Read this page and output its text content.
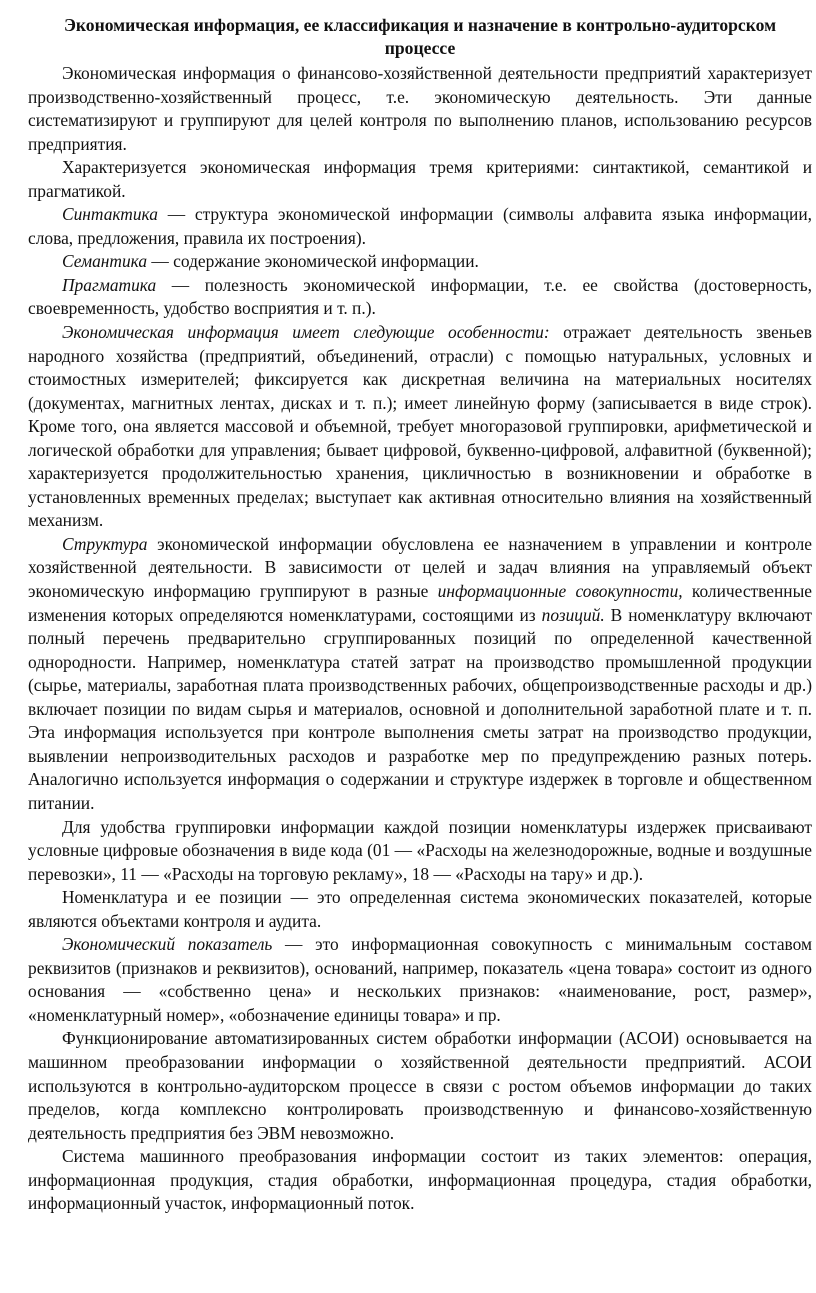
Экономическая информация, ее классификация и назначение в контрольно-аудиторском процессе

Экономическая информация о финансово-хозяйственной деятельности предприятий характеризует производственно-хозяйственный процесс, т.е. экономическую деятельность. Эти данные систематизируют и группируют для целей контроля по выполнению планов, использованию ресурсов предприятия.

Характеризуется экономическая информация тремя критериями: синтактикой, семантикой и прагматикой.

Синтактика — структура экономической информации (символы алфавита языка информации, слова, предложения, правила их построения).

Семантика — содержание экономической информации.

Прагматика — полезность экономической информации, т.е. ее свойства (достоверность, своевременность, удобство восприятия и т. п.).

Экономическая информация имеет следующие особенности: отражает деятельность звеньев народного хозяйства (предприятий, объединений, отрасли) с помощью натуральных, условных и стоимостных измерителей; фиксируется как дискретная величина на материальных носителях (документах, магнитных лентах, дисках и т. п.); имеет линейную форму (записывается в виде строк). Кроме того, она является массовой и объемной, требует многоразовой группировки, арифметической и логической обработки для управления; бывает цифровой, буквенно-цифровой, алфавитной (буквенной); характеризуется продолжительностью хранения, цикличностью в возникновении и обработке в установленных временных пределах; выступает как активная относительно влияния на хозяйственный механизм.

Структура экономической информации обусловлена ее назначением в управлении и контроле хозяйственной деятельности. В зависимости от целей и задач влияния на управляемый объект экономическую информацию группируют в разные информационные совокупности, количественные изменения которых определяются номенклатурами, состоящими из позиций. В номенклатуру включают полный перечень предварительно сгруппированных позиций по определенной качественной однородности. Например, номенклатура статей затрат на производство промышленной продукции (сырье, материалы, заработная плата производственных рабочих, общепроизводственные расходы и др.) включает позиции по видам сырья и материалов, основной и дополнительной заработной плате и т. п. Эта информация используется при контроле выполнения сметы затрат на производство продукции, выявлении непроизводительных расходов и разработке мер по предупреждению разных потерь. Аналогично используется информация о содержании и структуре издержек в торговле и общественном питании.

Для удобства группировки информации каждой позиции номенклатуры издержек присваивают условные цифровые обозначения в виде кода (01 — «Расходы на железнодорожные, водные и воздушные перевозки», 11 — «Расходы на торговую рекламу», 18 — «Расходы на тару» и др.).

Номенклатура и ее позиции — это определенная система экономических показателей, которые являются объектами контроля и аудита.

Экономический показатель — это информационная совокупность с минимальным составом реквизитов (признаков и реквизитов), оснований, например, показатель «цена товара» состоит из одного основания — «собственно цена» и нескольких признаков: «наименование, рост, размер», «номенклатурный номер», «обозначение единицы товара» и пр.

Функционирование автоматизированных систем обработки информации (АСОИ) основывается на машинном преобразовании информации о хозяйственной деятельности предприятий. АСОИ используются в контрольно-аудиторском процессе в связи с ростом объемов информации до таких пределов, когда комплексно контролировать производственную и финансово-хозяйственную деятельность предприятия без ЭВМ невозможно.

Система машинного преобразования информации состоит из таких элементов: операция, информационная продукция, стадия обработки, информационная процедура, стадия обработки, информационный участок, информационный поток.
